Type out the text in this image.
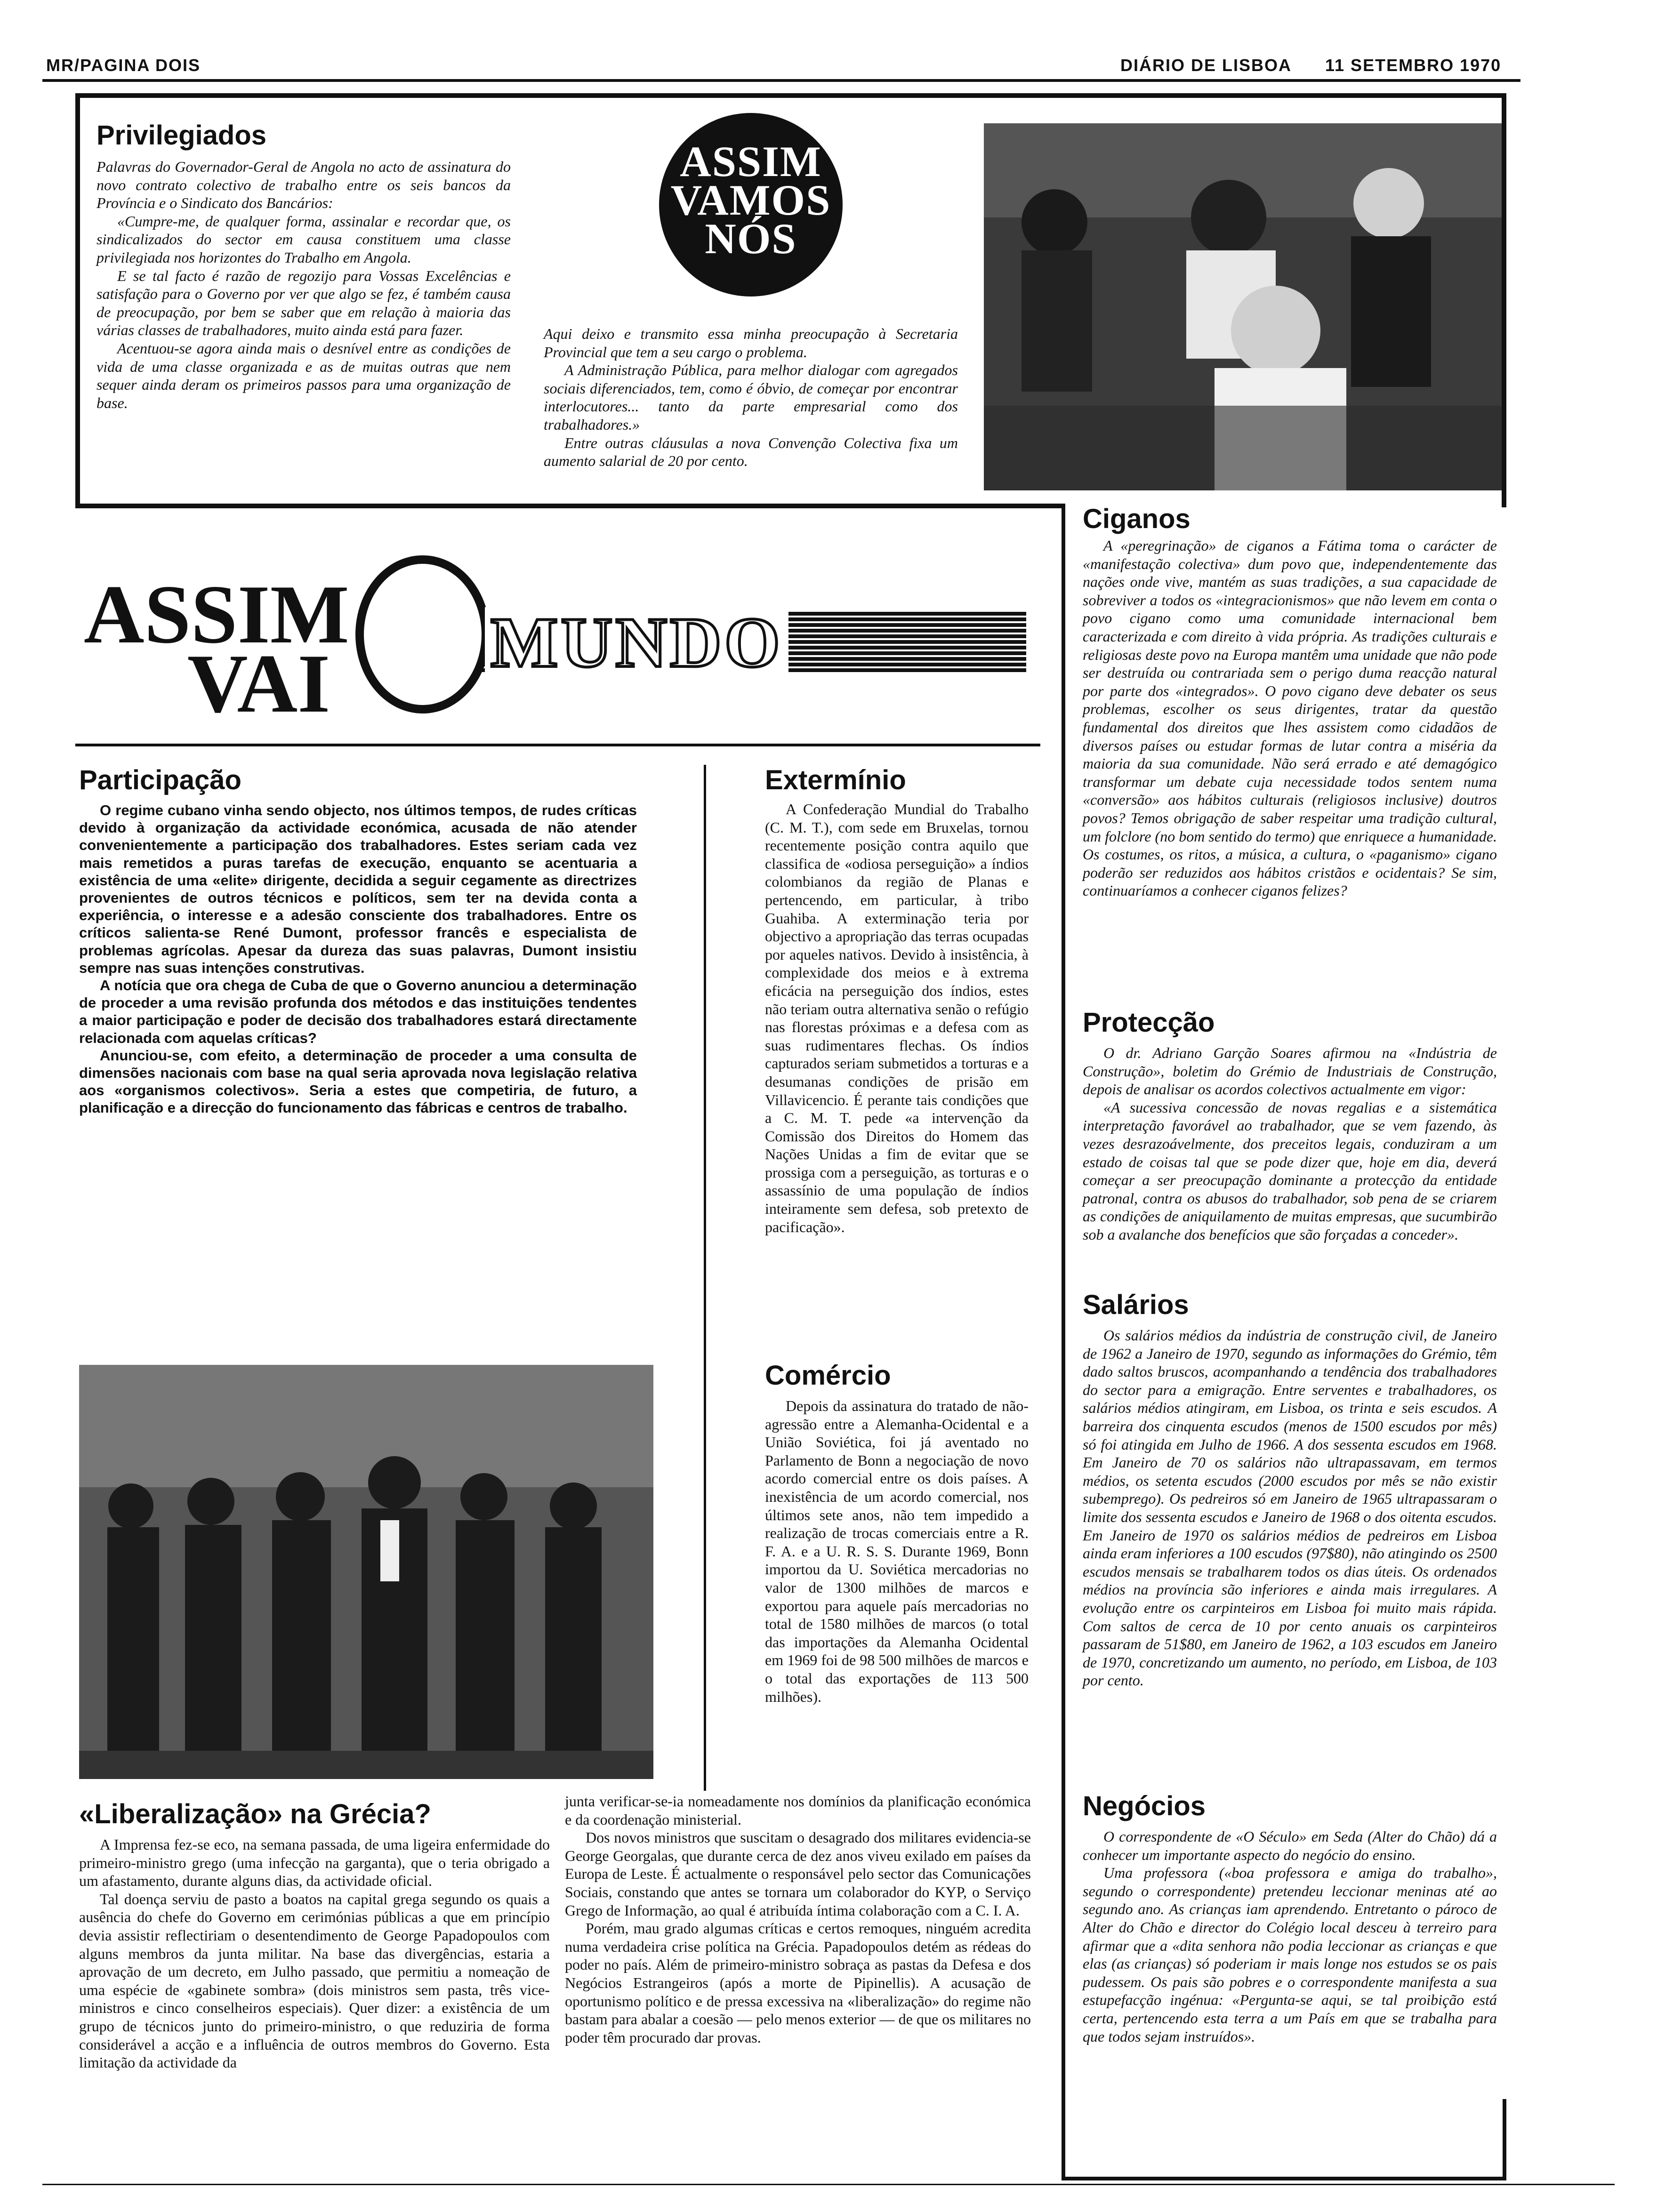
MR/PAGINA DOIS	DIÁRIO DE LISBOA 11 SETEMBRO 1970
Privilegiados

Palavras do Governador-Geral de Angola no acto de assinatura do novo contrato colectivo de trabalho entre os seis bancos da Província e o Sindicato dos Bancários:

«Cumpre-me, de qualquer forma, assinalar e recordar que, os sindicalizados do sector em causa constituem uma classe privilegiada nos horizontes do Trabalho em Angola.

E se tal facto é razão de regozijo para Vossas Excelências e satisfação para o Governo por ver que algo se fez, é também causa de preocupação, por bem se saber que em relação à maioria das várias classes de trabalhadores, muito ainda está para fazer.

Acentuou-se agora ainda mais o desnível entre as condições de vida de uma classe organizada e as de muitas outras que nem sequer ainda deram os primeiros passos para uma organização de base.

ASSIM
VAMOS
NÓS

Aqui deixo e transmito essa minha preocupação à Secretaria Provincial que tem a seu cargo o problema.

A Administração Pública, para melhor dialogar com agregados sociais diferenciados, tem, como é óbvio, de começar por encontrar interlocutores... tanto da parte empresarial como dos trabalhadores.»

Entre outras cláusulas a nova Convenção Colectiva fixa um aumento salarial de 20 por cento.

ASSIM
VAI MUNDO
Participação

O regime cubano vinha sendo objecto, nos últimos tempos, de rudes críticas devido à organização da actividade económica, acusada de não atender convenientemente a participação dos trabalhadores. Estes seriam cada vez mais remetidos a puras tarefas de execução, enquanto se acentuaria a existência de uma «elite» dirigente, decidida a seguir cegamente as directrizes provenientes de outros técnicos e políticos, sem ter na devida conta a experiência, o interesse e a adesão consciente dos trabalhadores. Entre os críticos salienta-se René Dumont, professor francês e especialista de problemas agrícolas. Apesar da dureza das suas palavras, Dumont insistiu sempre nas suas intenções construtivas.

A notícia que ora chega de Cuba de que o Governo anunciou a determinação de proceder a uma revisão profunda dos métodos e das instituições tendentes a maior participação e poder de decisão dos trabalhadores estará directamente relacionada com aquelas críticas?

Anunciou-se, com efeito, a determinação de proceder a uma consulta de dimensões nacionais com base na qual seria aprovada nova legislação relativa aos «organismos colectivos». Seria a estes que competiria, de futuro, a planificação e a direcção do funcionamento das fábricas e centros de trabalho.

Extermínio

A Confederação Mundial do Trabalho (C. M. T.), com sede em Bruxelas, tornou recentemente posição contra aquilo que classifica de «odiosa perseguição» a índios colombianos da região de Planas e pertencendo, em particular, à tribo Guahiba. A exterminação teria por objectivo a apropriação das terras ocupadas por aqueles nativos. Devido à insistência, à complexidade dos meios e à extrema eficácia na perseguição dos índios, estes não teriam outra alternativa senão o refúgio nas florestas próximas e a defesa com as suas rudimentares flechas. Os índios capturados seriam submetidos a torturas e a desumanas condições de prisão em Villavicencio. É perante tais condições que a C. M. T. pede «a intervenção da Comissão dos Direitos do Homem das Nações Unidas a fim de evitar que se prossiga com a perseguição, as torturas e o assassínio de uma população de índios inteiramente sem defesa, sob pretexto de pacificação».

Comércio

Depois da assinatura do tratado de não-agressão entre a Alemanha-Ocidental e a União Soviética, foi já aventado no Parlamento de Bonn a negociação de novo acordo comercial entre os dois países. A inexistência de um acordo comercial, nos últimos sete anos, não tem impedido a realização de trocas comerciais entre a R. F. A. e a U. R. S. S. Durante 1969, Bonn importou da U. Soviética mercadorias no valor de 1300 milhões de marcos e exportou para aquele país mercadorias no total de 1580 milhões de marcos (o total das importações da Alemanha Ocidental em 1969 foi de 98 500 milhões de marcos e o total das exportações de 113 500 milhões).

«Liberalização» na Grécia?

A Imprensa fez-se eco, na semana passada, de uma ligeira enfermidade do primeiro-ministro grego (uma infecção na garganta), que o teria obrigado a um afastamento, durante alguns dias, da actividade oficial.

Tal doença serviu de pasto a boatos na capital grega segundo os quais a ausência do chefe do Governo em cerimónias públicas a que em princípio devia assistir reflectiriam o desentendimento de George Papadopoulos com alguns membros da junta militar. Na base das divergências, estaria a aprovação de um decreto, em Julho passado, que permitiu a nomeação de uma espécie de «gabinete sombra» (dois ministros sem pasta, três vice-ministros e cinco conselheiros especiais). Quer dizer: a existência de um grupo de técnicos junto do primeiro-ministro, o que reduziria de forma considerável a acção e a influência de outros membros do Governo. Esta limitação da actividade da

junta verificar-se-ia nomeadamente nos domínios da planificação económica e da coordenação ministerial.

Dos novos ministros que suscitam o desagrado dos militares evidencia-se George Georgalas, que durante cerca de dez anos viveu exilado em países da Europa de Leste. É actualmente o responsável pelo sector das Comunicações Sociais, constando que antes se tornara um colaborador do KYP, o Serviço Grego de Informação, ao qual é atribuída íntima colaboração com a C. I. A.

Porém, mau grado algumas críticas e certos remoques, ninguém acredita numa verdadeira crise política na Grécia. Papadopoulos detém as rédeas do poder no país. Além de primeiro-ministro sobraça as pastas da Defesa e dos Negócios Estrangeiros (após a morte de Pipinellis). A acusação de oportunismo político e de pressa excessiva na «liberalização» do regime não bastam para abalar a coesão — pelo menos exterior — de que os militares no poder têm procurado dar provas.

Ciganos

A «peregrinação» de ciganos a Fátima toma o carácter de «manifestação colectiva» dum povo que, independentemente das nações onde vive, mantém as suas tradições, a sua capacidade de sobreviver a todos os «integracionismos» que não levem em conta o povo cigano como uma comunidade internacional bem caracterizada e com direito à vida própria. As tradições culturais e religiosas deste povo na Europa mantêm uma unidade que não pode ser destruída ou contrariada sem o perigo duma reacção natural por parte dos «integrados». O povo cigano deve debater os seus problemas, escolher os seus dirigentes, tratar da questão fundamental dos direitos que lhes assistem como cidadãos de diversos países ou estudar formas de lutar contra a miséria da maioria da sua comunidade. Não será errado e até demagógico transformar um debate cuja necessidade todos sentem numa «conversão» aos hábitos culturais (religiosos inclusive) doutros povos? Temos obrigação de saber respeitar uma tradição cultural, um folclore (no bom sentido do termo) que enriquece a humanidade. Os costumes, os ritos, a música, a cultura, o «paganismo» cigano poderão ser reduzidos aos hábitos cristãos e ocidentais? Se sim, continuaríamos a conhecer ciganos felizes?

Protecção

O dr. Adriano Garção Soares afirmou na «Indústria de Construção», boletim do Grémio de Industriais de Construção, depois de analisar os acordos colectivos actualmente em vigor:

«A sucessiva concessão de novas regalias e a sistemática interpretação favorável ao trabalhador, que se vem fazendo, às vezes desrazoávelmente, dos preceitos legais, conduziram a um estado de coisas tal que se pode dizer que, hoje em dia, deverá começar a ser preocupação dominante a protecção da entidade patronal, contra os abusos do trabalhador, sob pena de se criarem as condições de aniquilamento de muitas empresas, que sucumbirão sob a avalanche dos benefícios que são forçadas a conceder».

Salários

Os salários médios da indústria de construção civil, de Janeiro de 1962 a Janeiro de 1970, segundo as informações do Grémio, têm dado saltos bruscos, acompanhando a tendência dos trabalhadores do sector para a emigração. Entre serventes e trabalhadores, os salários médios atingiram, em Lisboa, os trinta e seis escudos. A barreira dos cinquenta escudos (menos de 1500 escudos por mês) só foi atingida em Julho de 1966. A dos sessenta escudos em 1968. Em Janeiro de 70 os salários não ultrapassavam, em termos médios, os setenta escudos (2000 escudos por mês se não existir subemprego). Os pedreiros só em Janeiro de 1965 ultrapassaram o limite dos sessenta escudos e Janeiro de 1968 o dos oitenta escudos. Em Janeiro de 1970 os salários médios de pedreiros em Lisboa ainda eram inferiores a 100 escudos (97$80), não atingindo os 2500 escudos mensais se trabalharem todos os dias úteis. Os ordenados médios na província são inferiores e ainda mais irregulares. A evolução entre os carpinteiros em Lisboa foi muito mais rápida. Com saltos de cerca de 10 por cento anuais os carpinteiros passaram de 51$80, em Janeiro de 1962, a 103 escudos em Janeiro de 1970, concretizando um aumento, no período, em Lisboa, de 103 por cento.

Negócios

O correspondente de «O Século» em Seda (Alter do Chão) dá a conhecer um importante aspecto do negócio do ensino.

Uma professora («boa professora e amiga do trabalho», segundo o correspondente) pretendeu leccionar meninas até ao segundo ano. As crianças iam aprendendo. Entretanto o pároco de Alter do Chão e director do Colégio local desceu à terreiro para afirmar que a «dita senhora não podia leccionar as crianças e que elas (as crianças) só poderiam ir mais longe nos estudos se os pais pudessem. Os pais são pobres e o correspondente manifesta a sua estupefacção ingénua: «Pergunta-se aqui, se tal proibição está certa, pertencendo esta terra a um País em que se trabalha para que todos sejam instruídos».
